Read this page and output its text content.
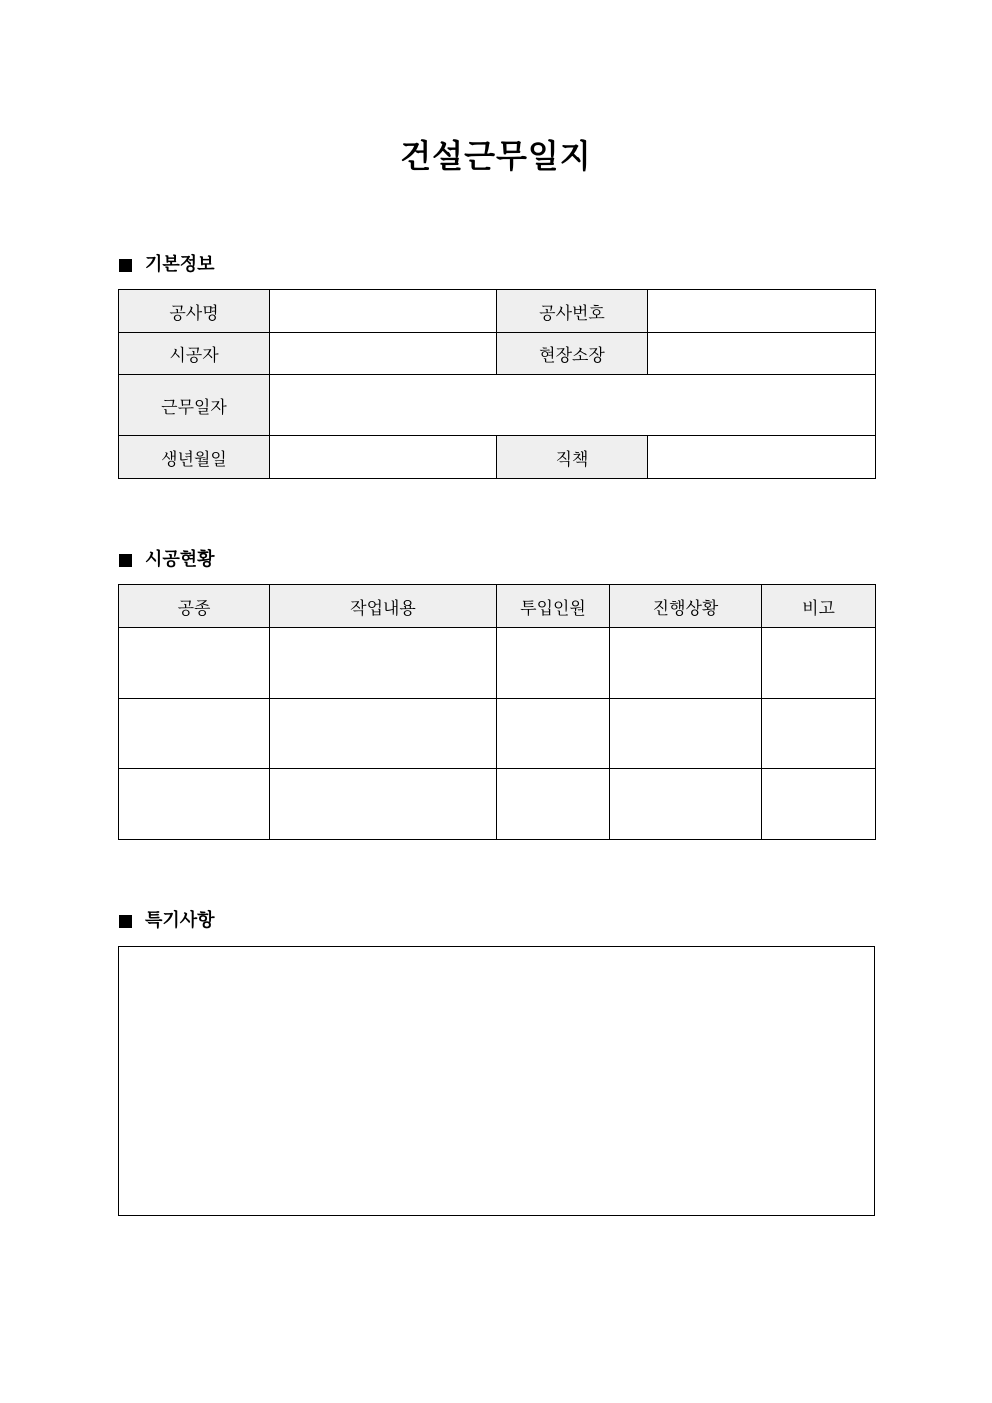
건설근무일지
기본정보
공사명		공사번호	
시공자		현장소장	
근무일자			
생년월일		직책	
시공현황
공종	작업내용	투입인원	진행상황	비고

특기사항
